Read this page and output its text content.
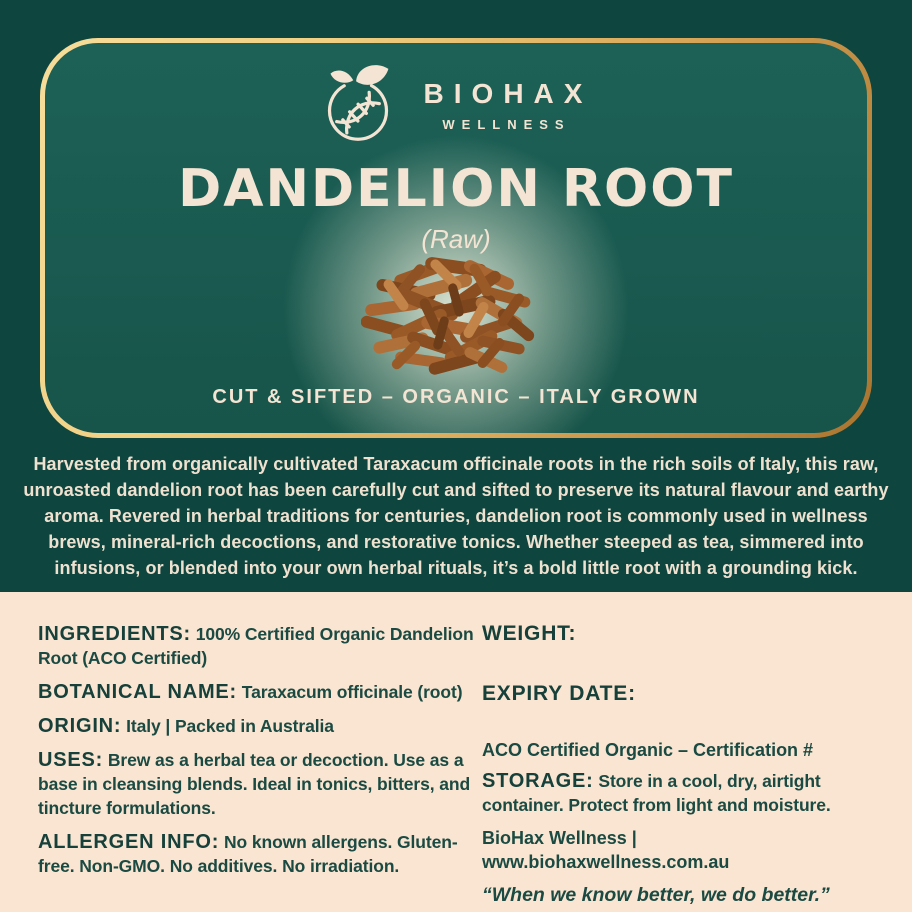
BIOHAX
WELLNESS
DANDELION ROOT
(Raw)
CUT & SIFTED – ORGANIC – ITALY GROWN

Harvested from organically cultivated Taraxacum officinale roots in the rich soils of Italy, this raw, unroasted dandelion root has been carefully cut and sifted to preserve its natural flavour and earthy aroma. Revered in herbal traditions for centuries, dandelion root is commonly used in wellness brews, mineral-rich decoctions, and restorative tonics. Whether steeped as tea, simmered into infusions, or blended into your own herbal rituals, it’s a bold little root with a grounding kick.

INGREDIENTS: 100% Certified Organic Dandelion Root (ACO Certified)

BOTANICAL NAME: Taraxacum officinale (root)

ORIGIN: Italy | Packed in Australia

USES: Brew as a herbal tea or decoction. Use as a base in cleansing blends. Ideal in tonics, bitters, and tincture formulations.

ALLERGEN INFO: No known allergens. Gluten-free. Non-GMO. No additives. No irradiation.

WEIGHT:

EXPIRY DATE:

ACO Certified Organic – Certification #

STORAGE: Store in a cool, dry, airtight container. Protect from light and moisture.

BioHax Wellness | www.biohaxwellness.com.au

“When we know better, we do better.”
